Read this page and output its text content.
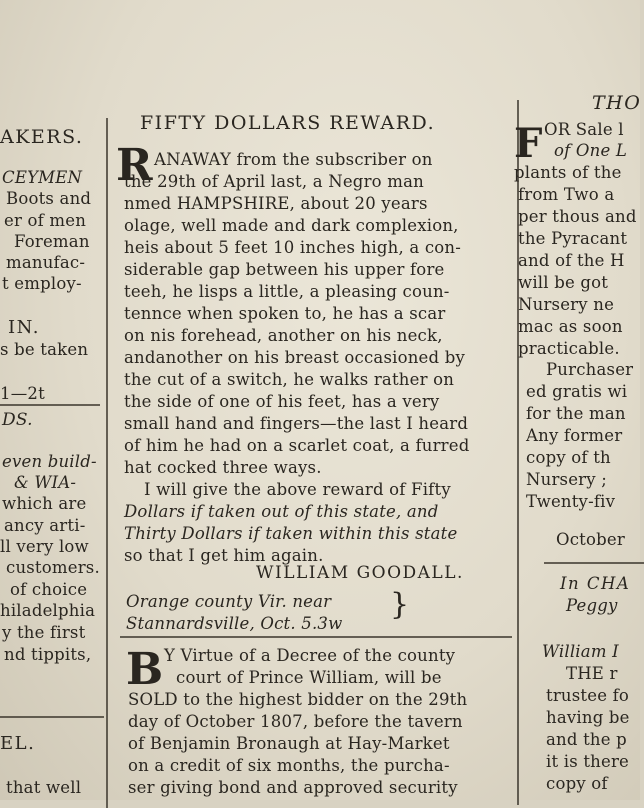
AKERS.
CEYMEN
Boots and
er of men
Foreman
manufac-
t employ-
IN.
s be taken
1—2t
DS.
even build-
& WIA-
which are
ancy arti-
ll very low
customers.
of choice
hiladelphia
y the first
nd tippits,
EL.
that well
FIFTY DOLLARS REWARD.
R ANAWAY from the subscriber on
the 29th of April last, a Negro man
nmed HAMPSHIRE, about 20 years
olage, well made and dark complexion,
heis about 5 feet 10 inches high, a con-
siderable gap between his upper fore
teeh, he lisps a little, a pleasing coun-
tennce when spoken to, he has a scar
on nis forehead, another on his neck,
andanother on his breast occasioned by
the cut of a switch, he walks rather on
the side of one of his feet, has a very
small hand and fingers—the last I heard
of him he had on a scarlet coat, a furred
hat cocked three ways.
I will give the above reward of Fifty
Dollars if taken out of this state, and
Thirty Dollars if taken within this state
so that I get him again.
WILLIAM GOODALL.
Orange county Vir. near
Stannardsville, Oct. 5.3w
}
B Y Virtue of a Decree of the county
court of Prince William, will be
SOLD to the highest bidder on the 29th
day of October 1807, before the tavern
of Benjamin Bronaugh at Hay-Market
on a credit of six months, the purcha-
ser giving bond and approved security
THO
F OR Sale l
of One L
plants of the
from Two a
per thous and
the Pyracant
and of the H
will be got
Nursery ne
mac as soon
practicable.
Purchaser
ed gratis wi
for the man
Any former
copy of th
Nursery ;
Twenty-fiv
October
In CHA
Peggy
William I
THE r
trustee fo
having be
and the p
it is there
copy of
